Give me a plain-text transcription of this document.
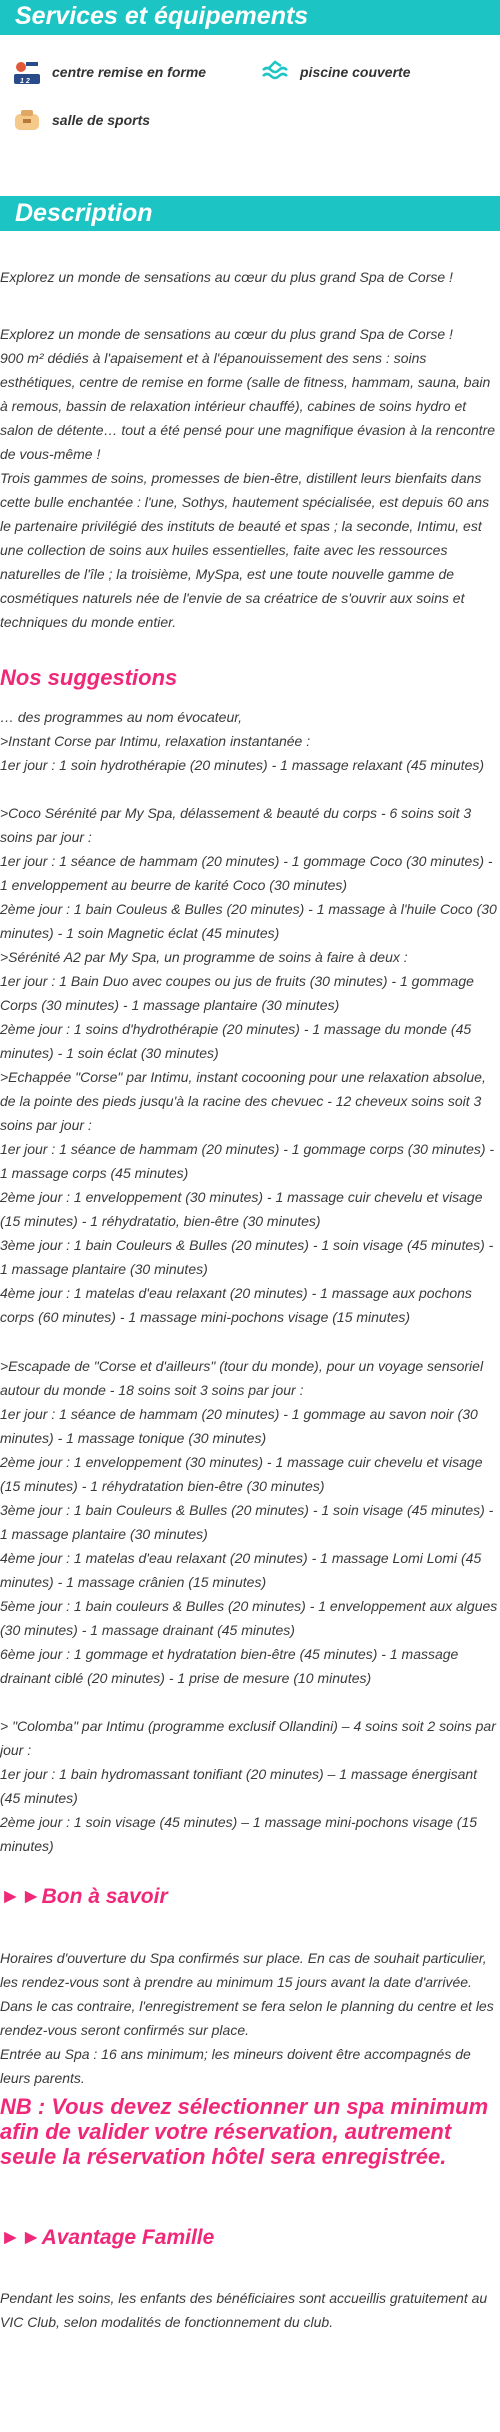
Services et équipements
1 2
centre remise en forme	piscine couverte
salle de sports
Description
Explorez un monde de sensations au cœur du plus grand Spa de Corse !

Explorez un monde de sensations au cœur du plus grand Spa de Corse !

900 m² dédiés à l'apaisement et à l'épanouissement des sens : soins esthétiques, centre de remise en forme (salle de fitness, hammam, sauna, bain à remous, bassin de relaxation intérieur chauffé), cabines de soins hydro et salon de détente… tout a été pensé pour une magnifique évasion à la rencontre de vous-même !

Trois gammes de soins, promesses de bien-être, distillent leurs bienfaits dans cette bulle enchantée : l'une, Sothys, hautement spécialisée, est depuis 60 ans le partenaire privilégié des instituts de beauté et spas ; la seconde, Intimu, est une collection de soins aux huiles essentielles, faite avec les ressources naturelles de l'île ; la troisième, MySpa, est une toute nouvelle gamme de cosmétiques naturels née de l'envie de sa créatrice de s'ouvrir aux soins et techniques du monde entier.

Nos suggestions

… des programmes au nom évocateur,

>Instant Corse par Intimu, relaxation instantanée :

1er jour : 1 soin hydrothérapie (20 minutes) - 1 massage relaxant (45 minutes)

>Coco Sérénité par My Spa, délassement & beauté du corps - 6 soins soit 3 soins par jour :

1er jour : 1 séance de hammam (20 minutes) - 1 gommage Coco (30 minutes) - 1 enveloppement au beurre de karité Coco (30 minutes)

2ème jour : 1 bain Couleus & Bulles (20 minutes) - 1 massage à l'huile Coco (30 minutes) - 1 soin Magnetic éclat (45 minutes)

>Sérénité A2 par My Spa, un programme de soins à faire à deux :

1er jour : 1 Bain Duo avec coupes ou jus de fruits (30 minutes) - 1 gommage Corps (30 minutes) - 1 massage plantaire (30 minutes)

2ème jour : 1 soins d'hydrothérapie (20 minutes) - 1 massage du monde (45 minutes) - 1 soin éclat (30 minutes)

>Echappée "Corse" par Intimu, instant cocooning pour une relaxation absolue, de la pointe des pieds jusqu'à la racine des chevuec - 12 cheveux soins soit 3 soins par jour :

1er jour : 1 séance de hammam (20 minutes) - 1 gommage corps (30 minutes) - 1 massage corps (45 minutes)

2ème jour : 1 enveloppement (30 minutes) - 1 massage cuir chevelu et visage (15 minutes) - 1 réhydratatio, bien-être (30 minutes)

3ème jour : 1 bain Couleurs & Bulles (20 minutes) - 1 soin visage (45 minutes) - 1 massage plantaire (30 minutes)

4ème jour : 1 matelas d'eau relaxant (20 minutes) - 1 massage aux pochons corps (60 minutes) - 1 massage mini-pochons visage (15 minutes)

>Escapade de "Corse et d'ailleurs" (tour du monde), pour un voyage sensoriel autour du monde - 18 soins soit 3 soins par jour :

1er jour : 1 séance de hammam (20 minutes) - 1 gommage au savon noir (30 minutes) - 1 massage tonique (30 minutes)

2ème jour : 1 enveloppement (30 minutes) - 1 massage cuir chevelu et visage (15 minutes) - 1 réhydratation bien-être (30 minutes)

3ème jour : 1 bain Couleurs & Bulles (20 minutes) - 1 soin visage (45 minutes) - 1 massage plantaire (30 minutes)

4ème jour : 1 matelas d'eau relaxant (20 minutes) - 1 massage Lomi Lomi (45 minutes) - 1 massage crânien (15 minutes)

5ème jour : 1 bain couleurs & Bulles (20 minutes) - 1 enveloppement aux algues (30 minutes) - 1 massage drainant (45 minutes)

6ème jour : 1 gommage et hydratation bien-être (45 minutes) - 1 massage drainant ciblé (20 minutes) - 1 prise de mesure (10 minutes)

> "Colomba" par Intimu (programme exclusif Ollandini) – 4 soins soit 2 soins par jour :

1er jour : 1 bain hydromassant tonifiant (20 minutes) – 1 massage énergisant (45 minutes)

2ème jour : 1 soin visage (45 minutes) – 1 massage mini-pochons visage (15 minutes)

►►Bon à savoir

Horaires d'ouverture du Spa confirmés sur place. En cas de souhait particulier, les rendez-vous sont à prendre au minimum 15 jours avant la date d'arrivée. Dans le cas contraire, l'enregistrement se fera selon le planning du centre et les rendez-vous seront confirmés sur place.

Entrée au Spa : 16 ans minimum; les mineurs doivent être accompagnés de leurs parents.

NB : Vous devez sélectionner un spa minimum afin de valider votre réservation, autrement seule la réservation hôtel sera enregistrée.
►►Avantage Famille
Pendant les soins, les enfants des bénéficiaires sont accueillis gratuitement au VIC Club, selon modalités de fonctionnement du club.
